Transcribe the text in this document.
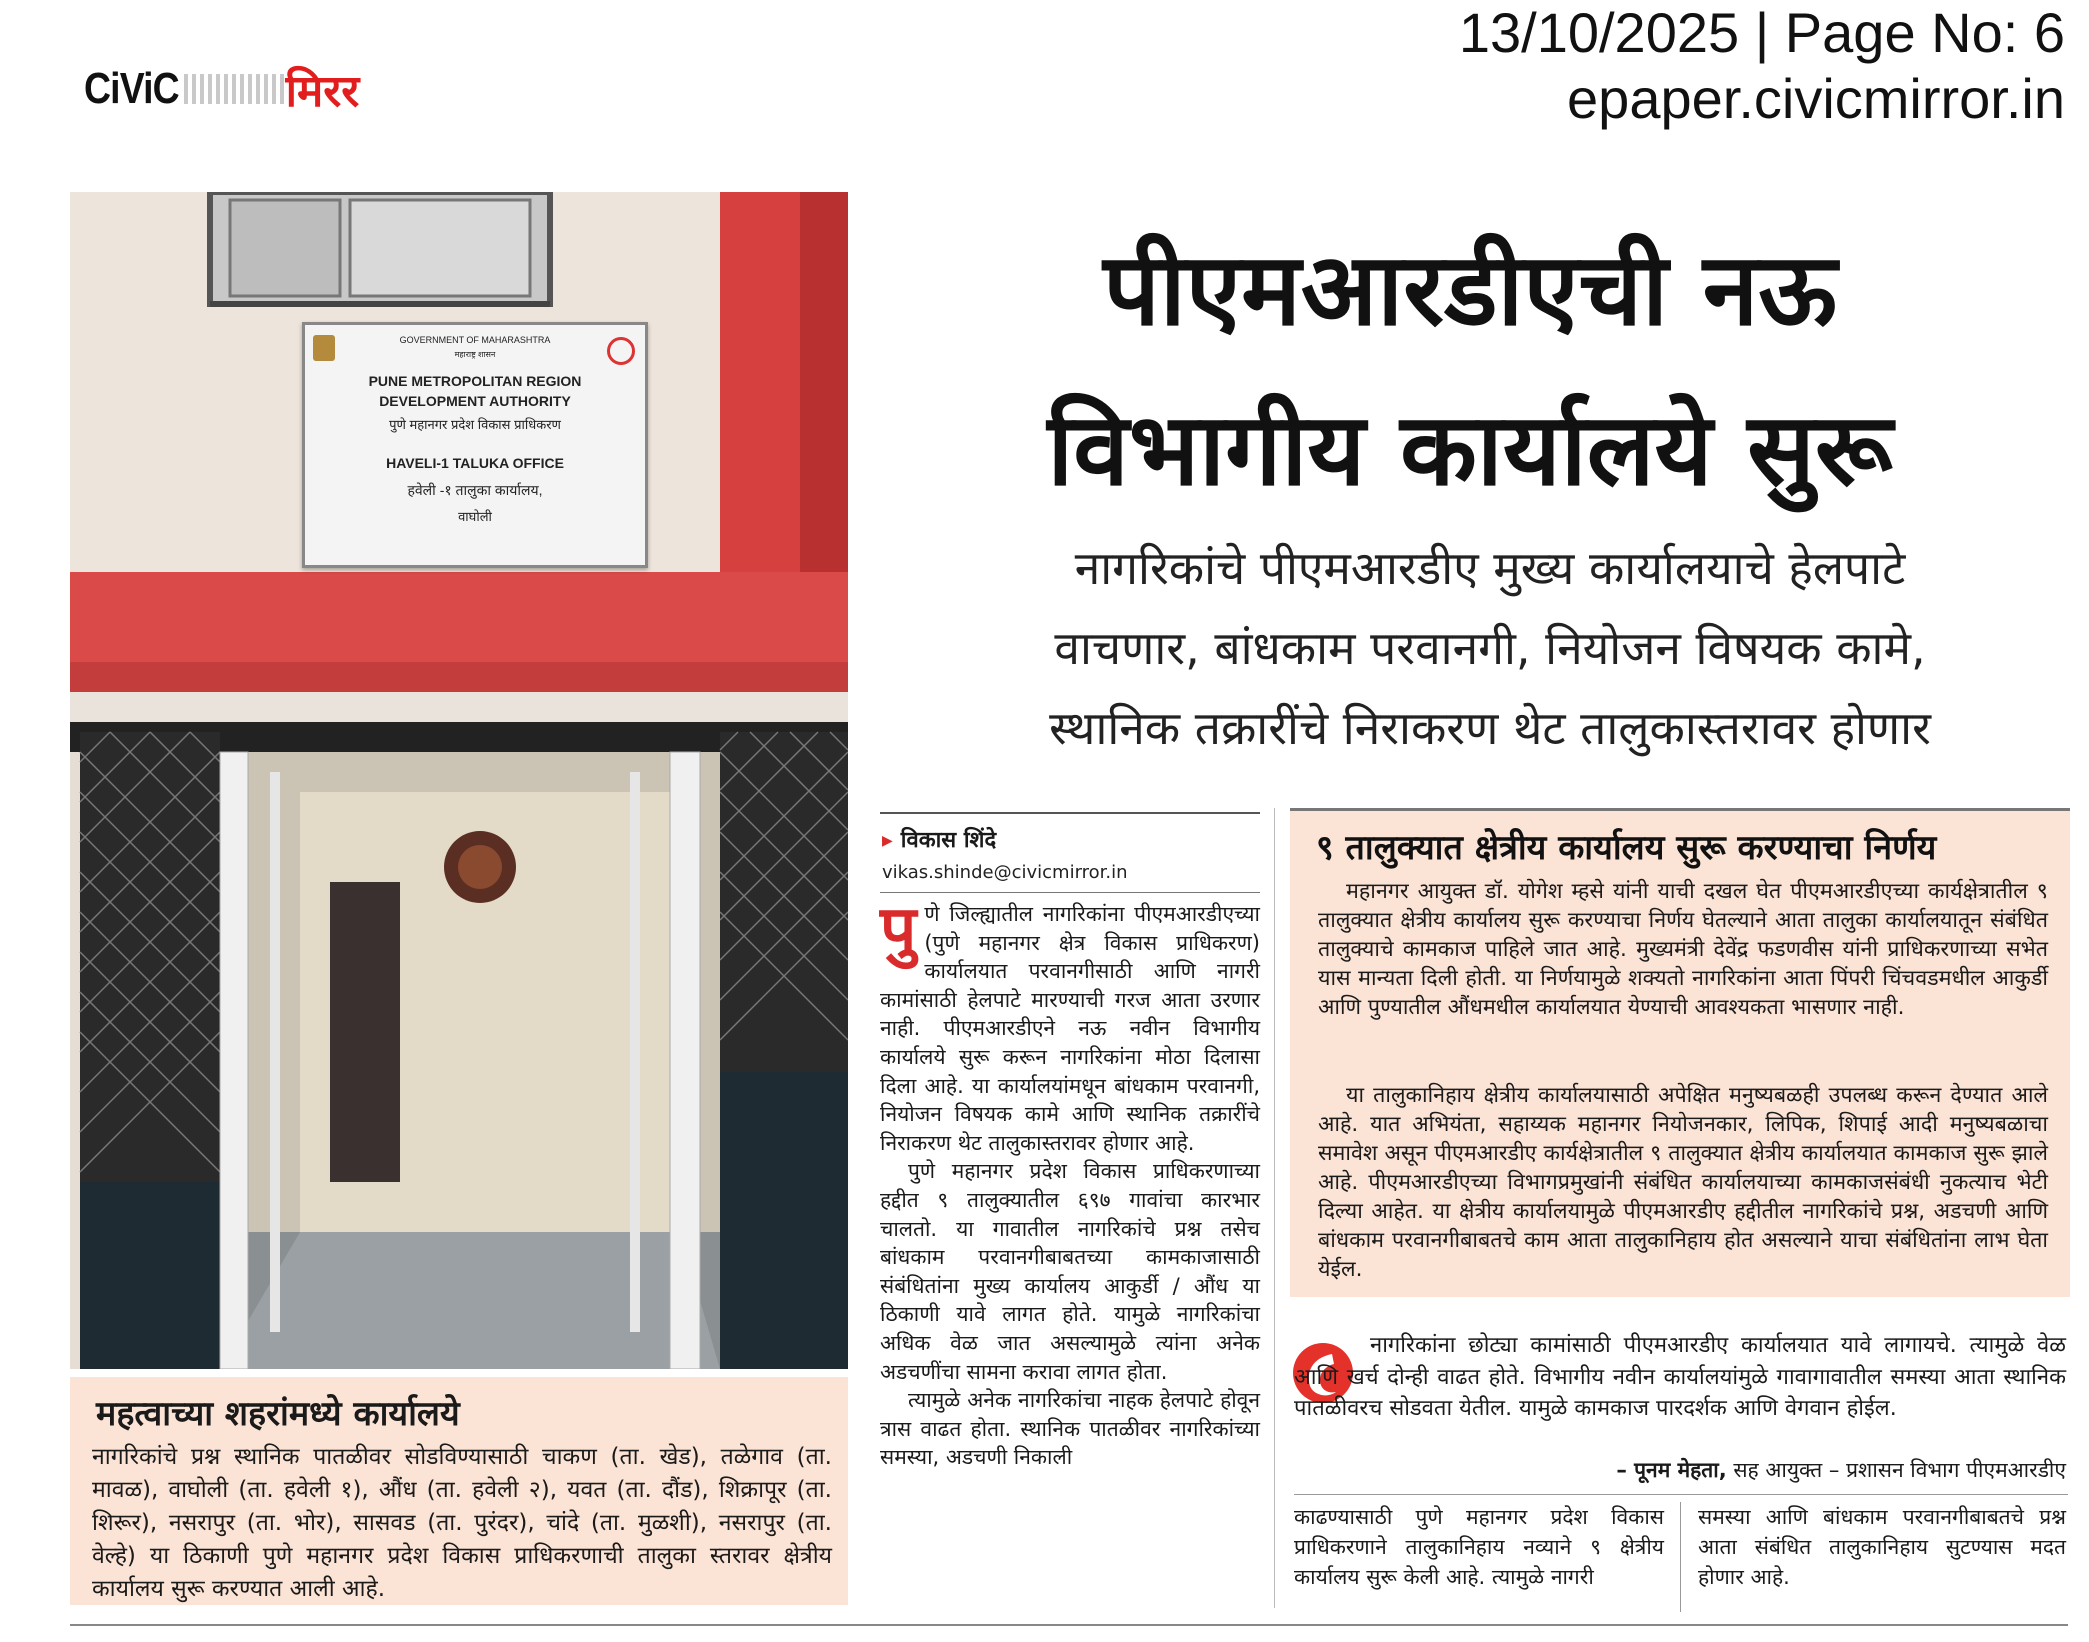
CiViC मिरर
13/10/2025 | Page No: 6
epaper.civicmirror.in
GOVERNMENT OF MAHARASHTRA
महाराष्ट्र शासन
PUNE METROPOLITAN REGION
DEVELOPMENT AUTHORITY
पुणे महानगर प्रदेश विकास प्राधिकरण
HAVELI-1 TALUKA OFFICE
हवेली -१ तालुका कार्यालय,
वाघोली
महत्वाच्या शहरांमध्ये कार्यालये

नागरिकांचे प्रश्न स्थानिक पातळीवर सोडविण्यासाठी चाकण (ता. खेड), तळेगाव (ता. मावळ), वाघोली (ता. हवेली १), औंध (ता. हवेली २), यवत (ता. दौंड), शिक्रापूर (ता. शिरूर), नसरापुर (ता. भोर), सासवड (ता. पुरंदर), चांदे (ता. मुळशी), नसरापुर (ता. वेल्हे) या ठिकाणी पुणे महानगर प्रदेश विकास प्राधिकरणाची तालुका स्तरावर क्षेत्रीय कार्यालय सुरू करण्यात आली आहे.

पीएमआरडीएची नऊ
विभागीय कार्यालये सुरू
नागरिकांचे पीएमआरडीए मुख्य कार्यालयाचे हेलपाटे
वाचणार, बांधकाम परवानगी, नियोजन विषयक कामे,
स्थानिक तक्रारींचे निराकरण थेट तालुकास्तरावर होणार
▶ विकास शिंदे
vikas.shinde@civicmirror.in

पुणे जिल्ह्यातील नागरिकांना पीएमआरडीएच्या (पुणे महानगर क्षेत्र विकास प्राधिकरण) कार्यालयात परवानगीसाठी आणि नागरी कामांसाठी हेलपाटे मारण्याची गरज आता उरणार नाही. पीएमआरडीएने नऊ नवीन विभागीय कार्यालये सुरू करून नागरिकांना मोठा दिलासा दिला आहे. या कार्यालयांमधून बांधकाम परवानगी, नियोजन विषयक कामे आणि स्थानिक तक्रारींचे निराकरण थेट तालुकास्तरावर होणार आहे.

पुणे महानगर प्रदेश विकास प्राधिकरणाच्या हद्दीत ९ तालुक्यातील ६९७ गावांचा कारभार चालतो. या गावातील नागरिकांचे प्रश्न तसेच बांधकाम परवानगीबाबतच्या कामकाजासाठी संबंधितांना मुख्य कार्यालय आकुर्डी / औंध या ठिकाणी यावे लागत होते. यामुळे नागरिकांचा अधिक वेळ जात असल्यामुळे त्यांना अनेक अडचणींचा सामना करावा लागत होता.

त्यामुळे अनेक नागरिकांचा नाहक हेलपाटे होवून त्रास वाढत होता. स्थानिक पातळीवर नागरिकांच्या समस्या, अडचणी निकाली

९ तालुक्यात क्षेत्रीय कार्यालय सुरू करण्याचा निर्णय

महानगर आयुक्त डॉ. योगेश म्हसे यांनी याची दखल घेत पीएमआरडीएच्या कार्यक्षेत्रातील ९ तालुक्यात क्षेत्रीय कार्यालय सुरू करण्याचा निर्णय घेतल्याने आता तालुका कार्यालयातून संबंधित तालुक्याचे कामकाज पाहिले जात आहे. मुख्यमंत्री देवेंद्र फडणवीस यांनी प्राधिकरणाच्या सभेत यास मान्यता दिली होती. या निर्णयामुळे शक्यतो नागरिकांना आता पिंपरी चिंचवडमधील आकुर्डी आणि पुण्यातील औंधमधील कार्यालयात येण्याची आवश्यकता भासणार नाही.

या तालुकानिहाय क्षेत्रीय कार्यालयासाठी अपेक्षित मनुष्यबळही उपलब्ध करून देण्यात आले आहे. यात अभियंता, सहाय्यक महानगर नियोजनकार, लिपिक, शिपाई आदी मनुष्यबळाचा समावेश असून पीएमआरडीए कार्यक्षेत्रातील ९ तालुक्यात क्षेत्रीय कार्यालयात कामकाज सुरू झाले आहे. पीएमआरडीएच्या विभागप्रमुखांनी संबंधित कार्यालयाच्या कामकाजसंबंधी नुकत्याच भेटी दिल्या आहेत. या क्षेत्रीय कार्यालयामुळे पीएमआरडीए हद्दीतील नागरिकांचे प्रश्न, अडचणी आणि बांधकाम परवानगीबाबतचे काम आता तालुकानिहाय होत असल्याने याचा संबंधितांना लाभ घेता येईल.

नागरिकांना छोट्या कामांसाठी पीएमआरडीए कार्यालयात यावे लागायचे. त्यामुळे वेळ आणि खर्च दोन्ही वाढत होते. विभागीय नवीन कार्यालयांमुळे गावागावातील समस्या आता स्थानिक पातळीवरच सोडवता येतील. यामुळे कामकाज पारदर्शक आणि वेगवान होईल.
– पूनम मेहता, सह आयुक्त – प्रशासन विभाग पीएमआरडीए
काढण्यासाठी पुणे महानगर प्रदेश विकास प्राधिकरणाने तालुकानिहाय नव्याने ९ क्षेत्रीय कार्यालय सुरू केली आहे. त्यामुळे नागरी
समस्या आणि बांधकाम परवानगीबाबतचे प्रश्न आता संबंधित तालुकानिहाय सुटण्यास मदत होणार आहे.
